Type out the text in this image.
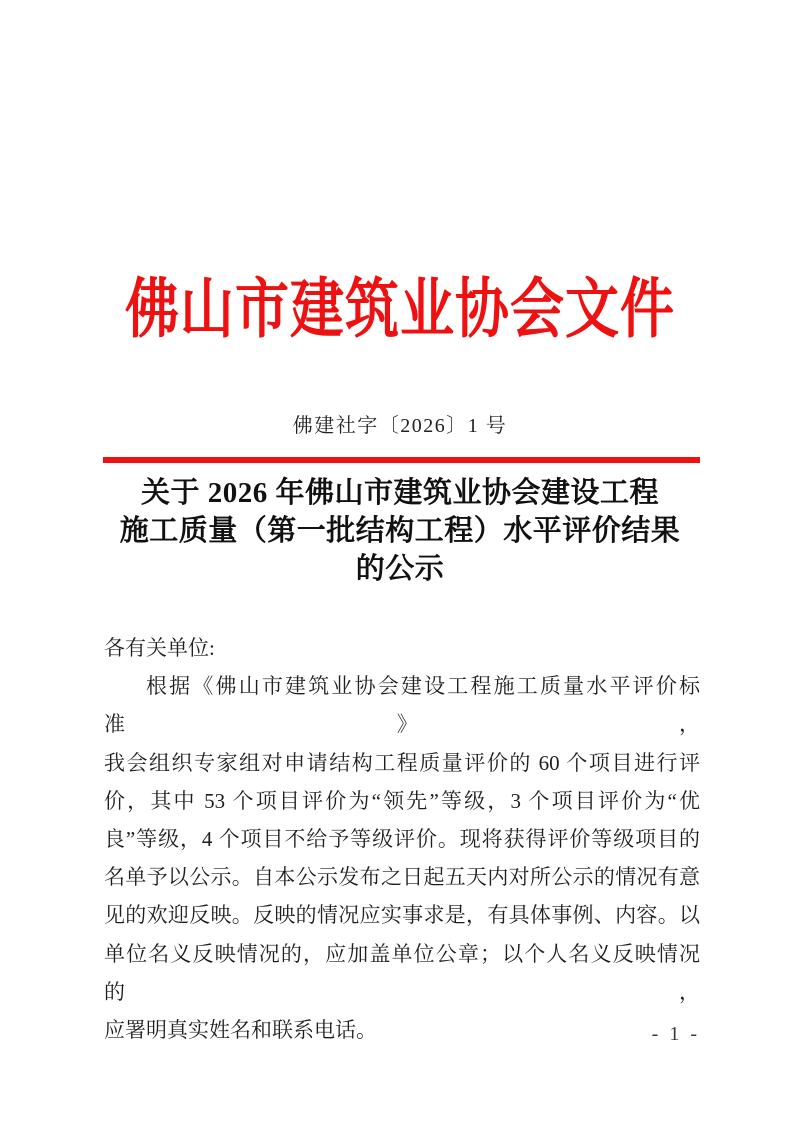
佛山市建筑业协会文件
佛建社字〔2026〕1 号
关于 2026 年佛山市建筑业协会建设工程
施工质量（第一批结构工程）水平评价结果
的公示
各有关单位:
根据《佛山市建筑业协会建设工程施工质量水平评价标准》，
我会组织专家组对申请结构工程质量评价的 60 个项目进行评
价，其中 53 个项目评价为“领先”等级，3 个项目评价为“优
良”等级，4 个项目不给予等级评价。现将获得评价等级项目的
名单予以公示。自本公示发布之日起五天内对所公示的情况有意
见的欢迎反映。反映的情况应实事求是，有具体事例、内容。以
单位名义反映情况的，应加盖单位公章；以个人名义反映情况的，
应署明真实姓名和联系电话。	- 1 -
